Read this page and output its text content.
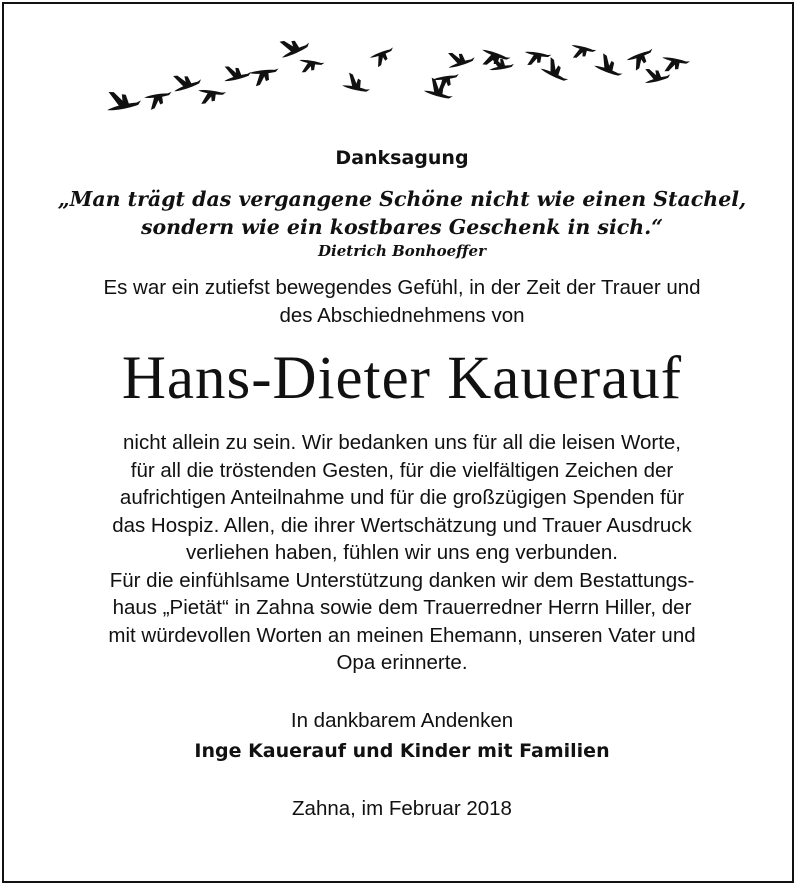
Danksagung
„Man trägt das vergangene Schöne nicht wie einen Stachel,
sondern wie ein kostbares Geschenk in sich.“
Dietrich Bonhoeffer
Es war ein zutiefst bewegendes Gefühl, in der Zeit der Trauer und
des Abschiednehmens von
Hans-Dieter Kauerauf
nicht allein zu sein. Wir bedanken uns für all die leisen Worte,
für all die tröstenden Gesten, für die vielfältigen Zeichen der
aufrichtigen Anteilnahme und für die großzügigen Spenden für
das Hospiz. Allen, die ihrer Wertschätzung und Trauer Ausdruck
verliehen haben, fühlen wir uns eng verbunden.
Für die einfühlsame Unterstützung danken wir dem Bestattungs-
haus „Pietät“ in Zahna sowie dem Trauerredner Herrn Hiller, der
mit würdevollen Worten an meinen Ehemann, unseren Vater und
Opa erinnerte.
In dankbarem Andenken
Inge Kauerauf und Kinder mit Familien
Zahna, im Februar 2018
